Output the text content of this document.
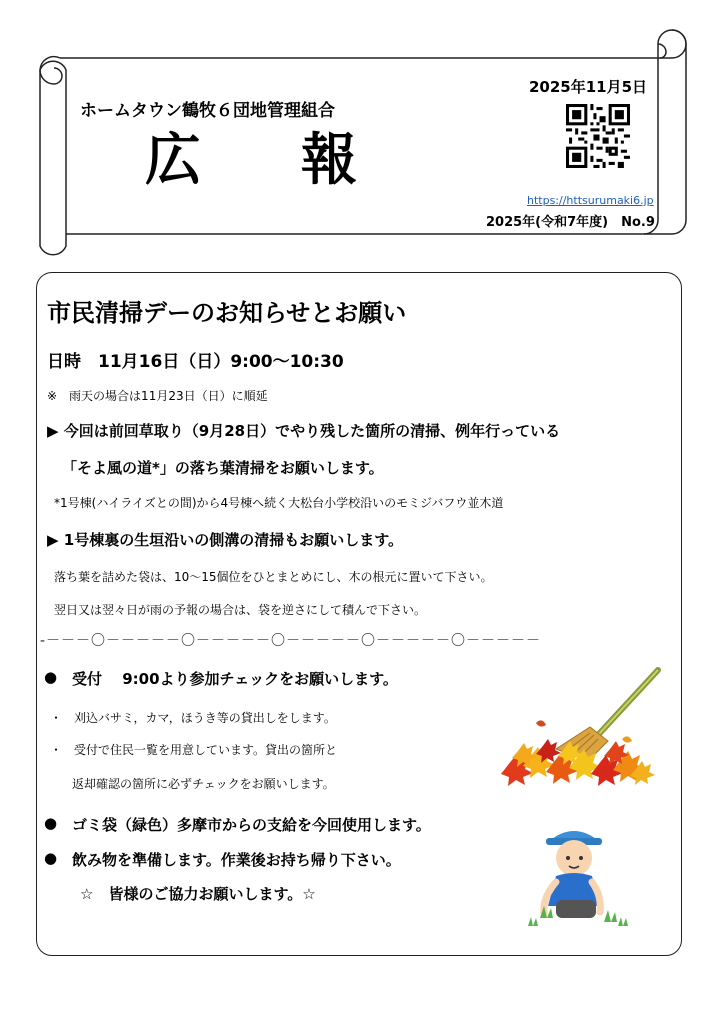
ホームタウン鶴牧６団地管理組合
広報
2025年11月5日
https://httsurumaki6.jp
2025年(令和7年度)　No.9
市民清掃デーのお知らせとお願い
日時　11月16日（日）9:00〜10:30
※　雨天の場合は11月23日（日）に順延
▶ 今回は前回草取り（9月28日）でやり残した箇所の清掃、例年行っている
「そよ風の道*」の落ち葉清掃をお願いします。
*1号棟(ハイライズとの間)から4号棟へ続く大松台小学校沿いのモミジバフウ並木道
▶ 1号棟裏の生垣沿いの側溝の清掃もお願いします。
落ち葉を詰めた袋は、10〜15個位をひとまとめにし、木の根元に置いて下さい。
翌日又は翌々日が雨の予報の場合は、袋を逆さにして積んで下さい。
-－－－〇－－－－－〇－－－－－〇－－－－－〇－－－－－〇－－－－－
● 受付　 9:00より参加チェックをお願いします。
・　刈込バサミ，カマ，ほうき等の貸出しをします。
・　受付で住民一覧を用意しています。貸出の箇所と
返却確認の箇所に必ずチェックをお願いします。
● ゴミ袋（緑色）多摩市からの支給を今回使用します。
● 飲み物を準備します。作業後お持ち帰り下さい。
☆　皆様のご協力お願いします。☆
